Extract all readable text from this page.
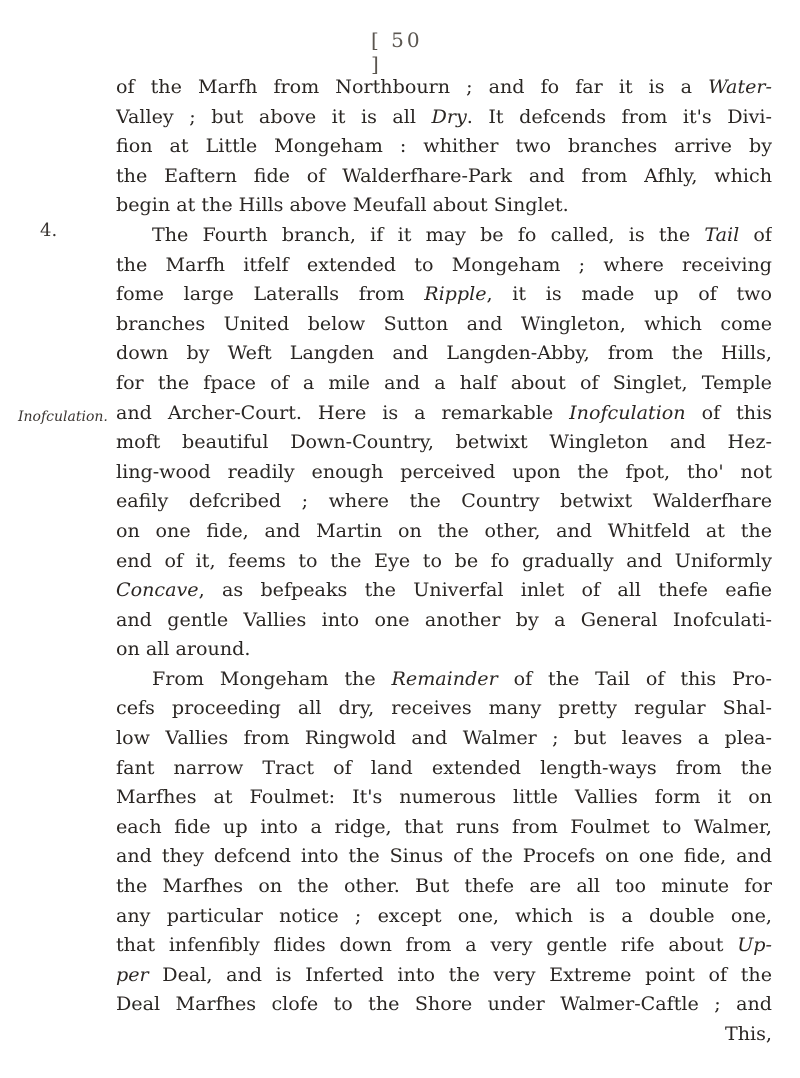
[ 50 ]
4.
Inofculation.
of the Marfh from Northbourn ; and fo far it is a Water-
Valley ; but above it is all Dry. It defcends from it's Divi-
fion at Little Mongeham : whither two branches arrive by
the Eaftern fide of Walderfhare-Park and from Afhly, which
begin at the Hills above Meufall about Singlet.
The Fourth branch, if it may be fo called, is the Tail of
the Marfh itfelf extended to Mongeham ; where receiving
fome large Lateralls from Ripple, it is made up of two
branches United below Sutton and Wingleton, which come
down by Weft Langden and Langden-Abby, from the Hills,
for the fpace of a mile and a half about of Singlet, Temple
and Archer-Court. Here is a remarkable Inofculation of this
moft beautiful Down-Country, betwixt Wingleton and Hez-
ling-wood readily enough perceived upon the fpot, tho' not
eafily defcribed ; where the Country betwixt Walderfhare
on one fide, and Martin on the other, and Whitfeld at the
end of it, feems to the Eye to be fo gradually and Uniformly
Concave, as befpeaks the Univerfal inlet of all thefe eafie
and gentle Vallies into one another by a General Inofculati-
on all around.
From Mongeham the Remainder of the Tail of this Pro-
cefs proceeding all dry, receives many pretty regular Shal-
low Vallies from Ringwold and Walmer ; but leaves a plea-
fant narrow Tract of land extended length-ways from the
Marfhes at Foulmet: It's numerous little Vallies form it on
each fide up into a ridge, that runs from Foulmet to Walmer,
and they defcend into the Sinus of the Procefs on one fide, and
the Marfhes on the other. But thefe are all too minute for
any particular notice ; except one, which is a double one,
that infenfibly flides down from a very gentle rife about Up-
per Deal, and is Inferted into the very Extreme point of the
Deal Marfhes clofe to the Shore under Walmer-Caftle ; and
This,
